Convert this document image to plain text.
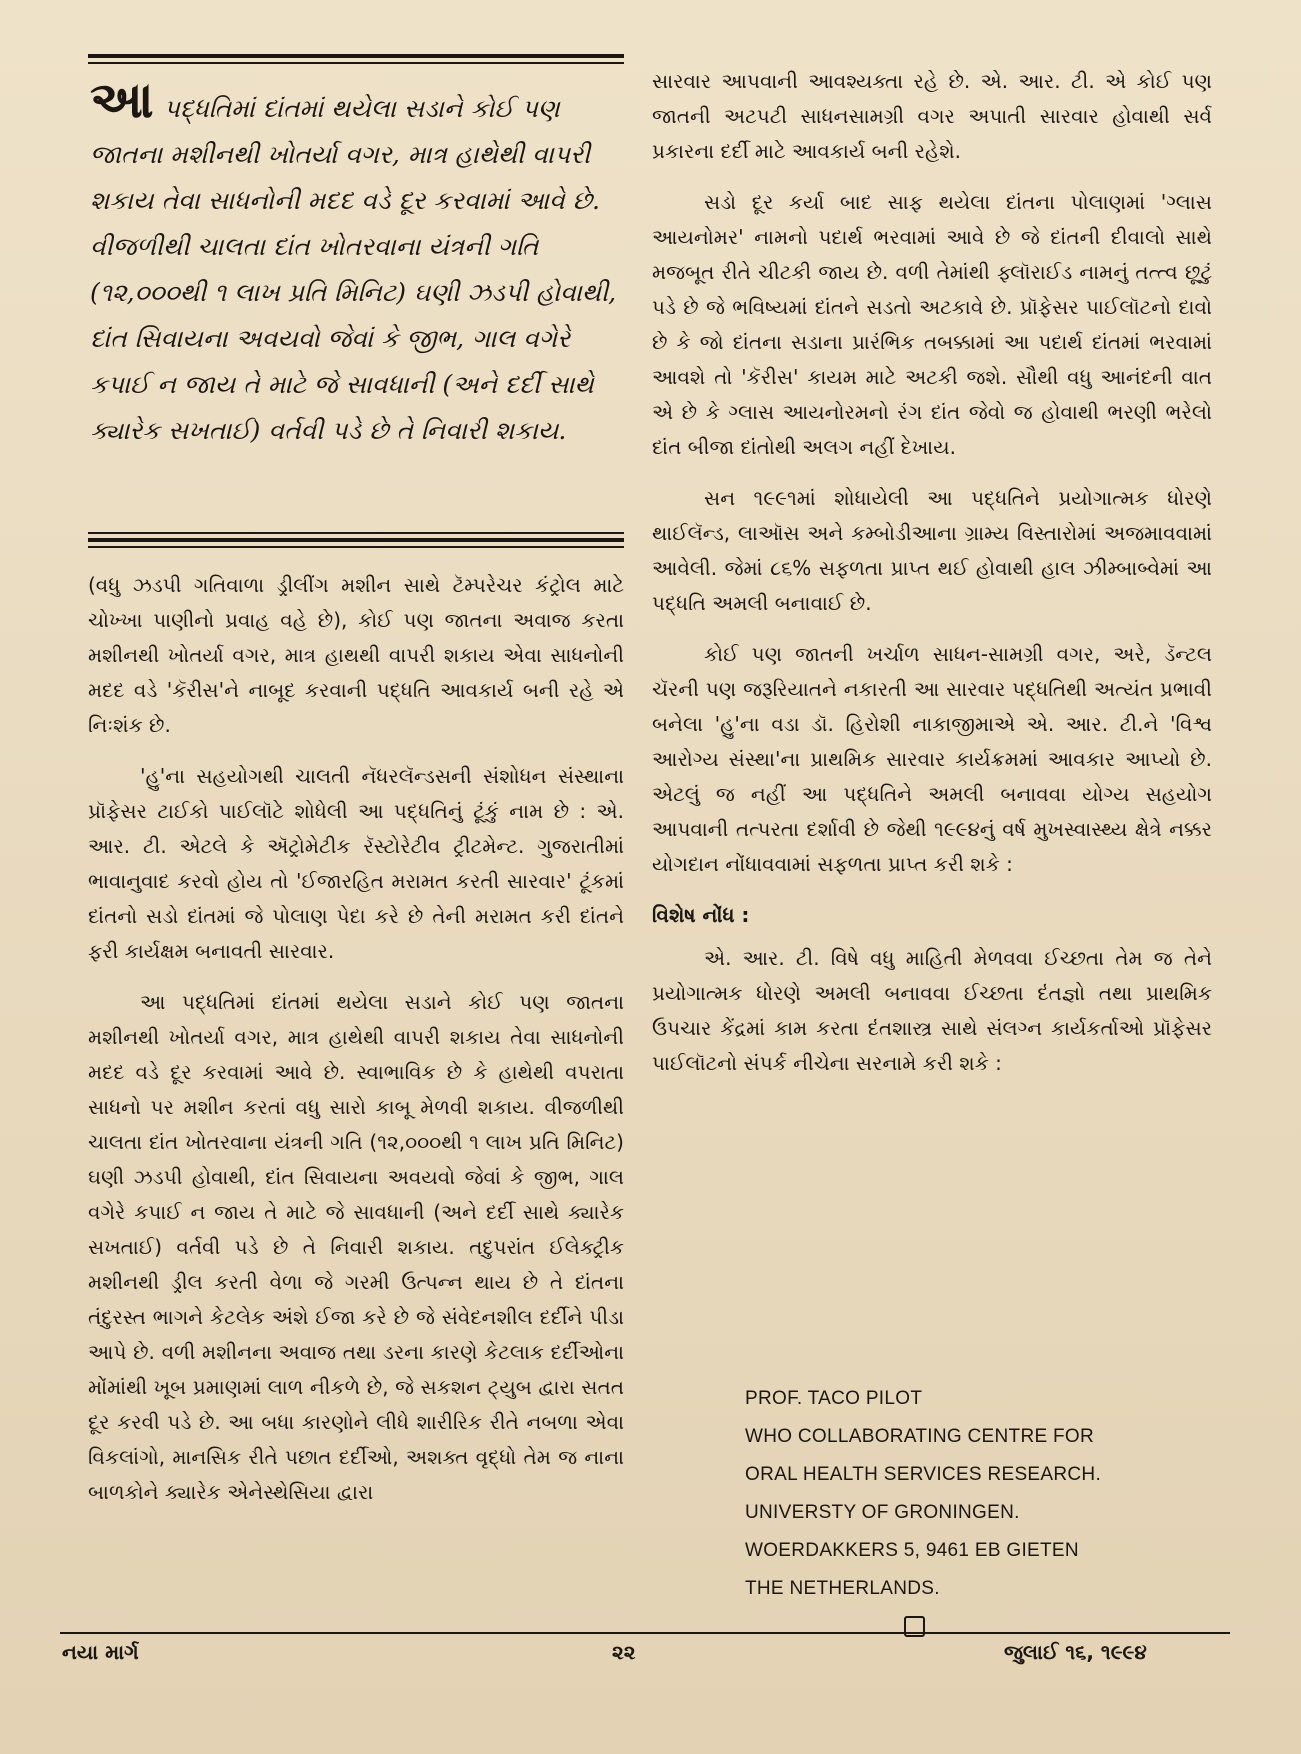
આપદ્ધતિમાં દાંતમાં થયેલા સડાને કોઈ પણ જાતના મશીનથી ખોતર્યા વગર, માત્ર હાથેથી વાપરી શકાય તેવા સાધનોની મદદ વડે દૂર કરવામાં આવે છે. વીજળીથી ચાલતા દાંત ખોતરવાના યંત્રની ગતિ (૧૨,૦૦૦થી ૧ લાખ પ્રતિ મિનિટ) ઘણી ઝડપી હોવાથી, દાંત સિવાયના અવયવો જેવાં કે જીભ, ગાલ વગેરે કપાઈ ન જાય તે માટે જે સાવધાની (અને દર્દી સાથે ક્યારેક સખતાઈ) વર્તવી પડે છે તે નિવારી શકાય.

(વધુ ઝડપી ગતિવાળા ડ્રીલીંગ મશીન સાથે ટૅમ્પરેચર કંટ્રોલ માટે ચોખ્ખા પાણીનો પ્રવાહ વહે છે), કોઈ પણ જાતના અવાજ કરતા મશીનથી ખોતર્યા વગર, માત્ર હાથથી વાપરી શકાય એવા સાધનોની મદદ વડે 'કૅરીસ'ને નાબૂદ કરવાની પદ્ધતિ આવકાર્ય બની રહે એ નિઃશંક છે.

'હુ'ના સહયોગથી ચાલતી નૅધરલૅન્ડસની સંશોધન સંસ્થાના પ્રૉફેસર ટાઈકો પાઈલૉટે શોધેલી આ પદ્ધતિનું ટૂંકું નામ છે : એ. આર. ટી. એટલે કે ઍટ્રોમેટીક રૅસ્ટોરેટીવ ટ્રીટમેન્ટ. ગુજરાતીમાં ભાવાનુવાદ કરવો હોય તો 'ઈજારહિત મરામત કરતી સારવાર' ટૂંકમાં દાંતનો સડો દાંતમાં જે પોલાણ પેદા કરે છે તેની મરામત કરી દાંતને ફરી કાર્યક્ષમ બનાવતી સારવાર.

આ પદ્ધતિમાં દાંતમાં થયેલા સડાને કોઈ પણ જાતના મશીનથી ખોતર્યા વગર, માત્ર હાથેથી વાપરી શકાય તેવા સાધનોની મદદ વડે દૂર કરવામાં આવે છે. સ્વાભાવિક છે કે હાથેથી વપરાતા સાધનો પર મશીન કરતાં વધુ સારો કાબૂ મેળવી શકાય. વીજળીથી ચાલતા દાંત ખોતરવાના યંત્રની ગતિ (૧૨,૦૦૦થી ૧ લાખ પ્રતિ મિનિટ) ઘણી ઝડપી હોવાથી, દાંત સિવાયના અવયવો જેવાં કે જીભ, ગાલ વગેરે કપાઈ ન જાય તે માટે જે સાવધાની (અને દર્દી સાથે ક્યારેક સખતાઈ) વર્તવી પડે છે તે નિવારી શકાય. તદુપરાંત ઈલેક્ટ્રીક મશીનથી ડ્રીલ કરતી વેળા જે ગરમી ઉત્પન્ન થાય છે તે દાંતના તંદુરસ્ત ભાગને કેટલેક અંશે ઈજા કરે છે જે સંવેદનશીલ દર્દીને પીડા આપે છે. વળી મશીનના અવાજ તથા ડરના કારણે કેટલાક દર્દીઓના મોંમાંથી ખૂબ પ્રમાણમાં લાળ નીકળે છે, જે સકશન ટ્યુબ દ્વારા સતત દૂર કરવી પડે છે. આ બધા કારણોને લીધે શારીરિક રીતે નબળા એવા વિકલાંગો, માનસિક રીતે પછાત દર્દીઓ, અશક્ત વૃદ્ધો તેમ જ નાના બાળકોને ક્યારેક એનેસ્થેસિયા દ્વારા

સારવાર આપવાની આવશ્યક્તા રહે છે. એ. આર. ટી. એ કોઈ પણ જાતની અટપટી સાધનસામગ્રી વગર અપાતી સારવાર હોવાથી સર્વ પ્રકારના દર્દી માટે આવકાર્ય બની રહેશે.

સડો દૂર કર્યા બાદ સાફ થયેલા દાંતના પોલાણમાં 'ગ્લાસ આયનોમર' નામનો પદાર્થ ભરવામાં આવે છે જે દાંતની દીવાલો સાથે મજબૂત રીતે ચીટકી જાય છે. વળી તેમાંથી ફ્લૉરાઈડ નામનું તત્ત્વ છૂટું પડે છે જે ભવિષ્યમાં દાંતને સડતો અટકાવે છે. પ્રૉફેસર પાઈલૉટનો દાવો છે કે જો દાંતના સડાના પ્રારંભિક તબક્કામાં આ પદાર્થ દાંતમાં ભરવામાં આવશે તો 'કૅરીસ' કાયમ માટે અટકી જશે. સૌથી વધુ આનંદની વાત એ છે કે ગ્લાસ આયનોરમનો રંગ દાંત જેવો જ હોવાથી ભરણી ભરેલો દાંત બીજા દાંતોથી અલગ નહીં દેખાય.

સન ૧૯૯૧માં શોધાયેલી આ પદ્ધતિને પ્રયોગાત્મક ધોરણે થાઈલૅન્ડ, લાઑસ અને કમ્બોડીઆના ગ્રામ્ય વિસ્તારોમાં અજમાવવામાં આવેલી. જેમાં ૮૬% સફળતા પ્રાપ્ત થઈ હોવાથી હાલ ઝીમ્બાબ્વેમાં આ પદ્ધતિ અમલી બનાવાઈ છે.

કોઈ પણ જાતની ખર્ચાળ સાધન-સામગ્રી વગર, અરે, ડૅન્ટલ ચૅરની પણ જરૂરિયાતને નકારતી આ સારવાર પદ્ધતિથી અત્યંત પ્રભાવી બનેલા 'હુ'ના વડા ડૉ. હિરોશી નાકાજીમાએ એ. આર. ટી.ને 'વિશ્વ આરોગ્ય સંસ્થા'ના પ્રાથમિક સારવાર કાર્યક્રમમાં આવકાર આપ્યો છે. એટલું જ નહીં આ પદ્ધતિને અમલી બનાવવા યોગ્ય સહયોગ આપવાની તત્પરતા દર્શાવી છે જેથી ૧૯૯૪નું વર્ષ મુખસ્વાસ્થ્ય ક્ષેત્રે નક્કર યોગદાન નોંધાવવામાં સફળતા પ્રાપ્ત કરી શકે :

વિશેષ નોંધ :

એ. આર. ટી. વિષે વધુ માહિતી મેળવવા ઈચ્છતા તેમ જ તેને પ્રયોગાત્મક ધોરણે અમલી બનાવવા ઈચ્છતા દંતજ્ઞો તથા પ્રાથમિક ઉપચાર કેંદ્રમાં કામ કરતા દંતશાસ્ત્ર સાથે સંલગ્ન કાર્યકર્તાઓ પ્રૉફેસર પાઈલૉટનો સંપર્ક નીચેના સરનામે કરી શકે :

PROF. TACO PILOT
WHO COLLABORATING CENTRE FOR
ORAL HEALTH SERVICES RESEARCH.
UNIVERSTY OF GRONINGEN.
WOERDAKKERS 5, 9461 EB GIETEN
THE NETHERLANDS.
નયા માર્ગ	૨૨	જુલાઈ ૧૬, ૧૯૯૪
